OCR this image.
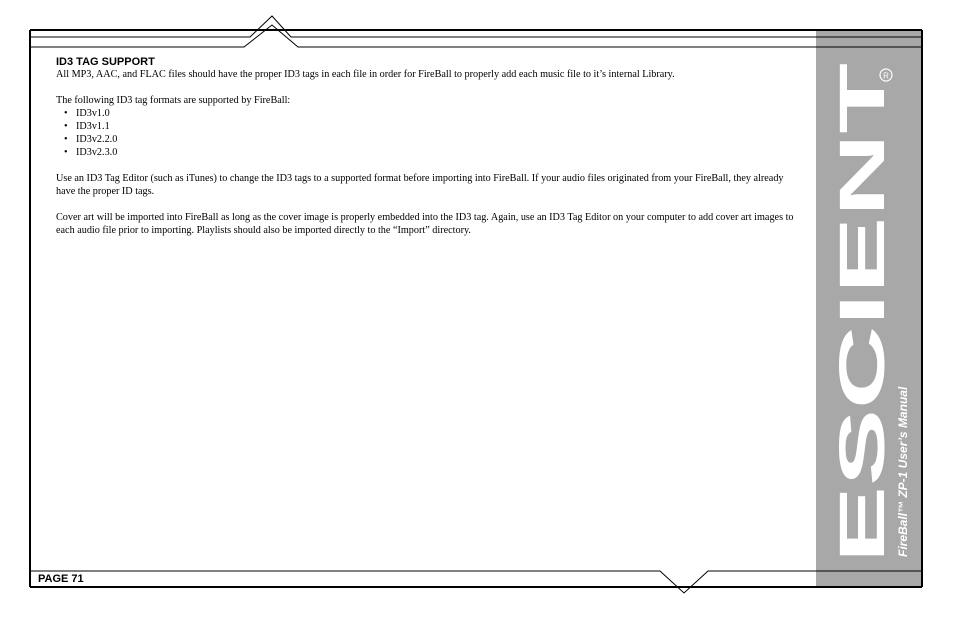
ESCIENT
R
FireBall™ ZP-1 User’s Manual
ID3 TAG SUPPORT

All MP3, AAC, and FLAC files should have the proper ID3 tags in each file in order for FireBall to properly add each music file to it’s internal Library.

The following ID3 tag formats are supported by FireBall:

• ID3v1.0
• ID3v1.1
• ID3v2.2.0
• ID3v2.3.0

Use an ID3 Tag Editor (such as iTunes) to change the ID3 tags to a supported format before importing into FireBall. If your audio files originated from your FireBall, they already have the proper ID tags.

Cover art will be imported into FireBall as long as the cover image is properly embedded into the ID3 tag. Again, use an ID3 Tag Editor on your computer to add cover art images to each audio file prior to importing. Playlists should also be imported directly to the “Import” directory.

PAGE 71
